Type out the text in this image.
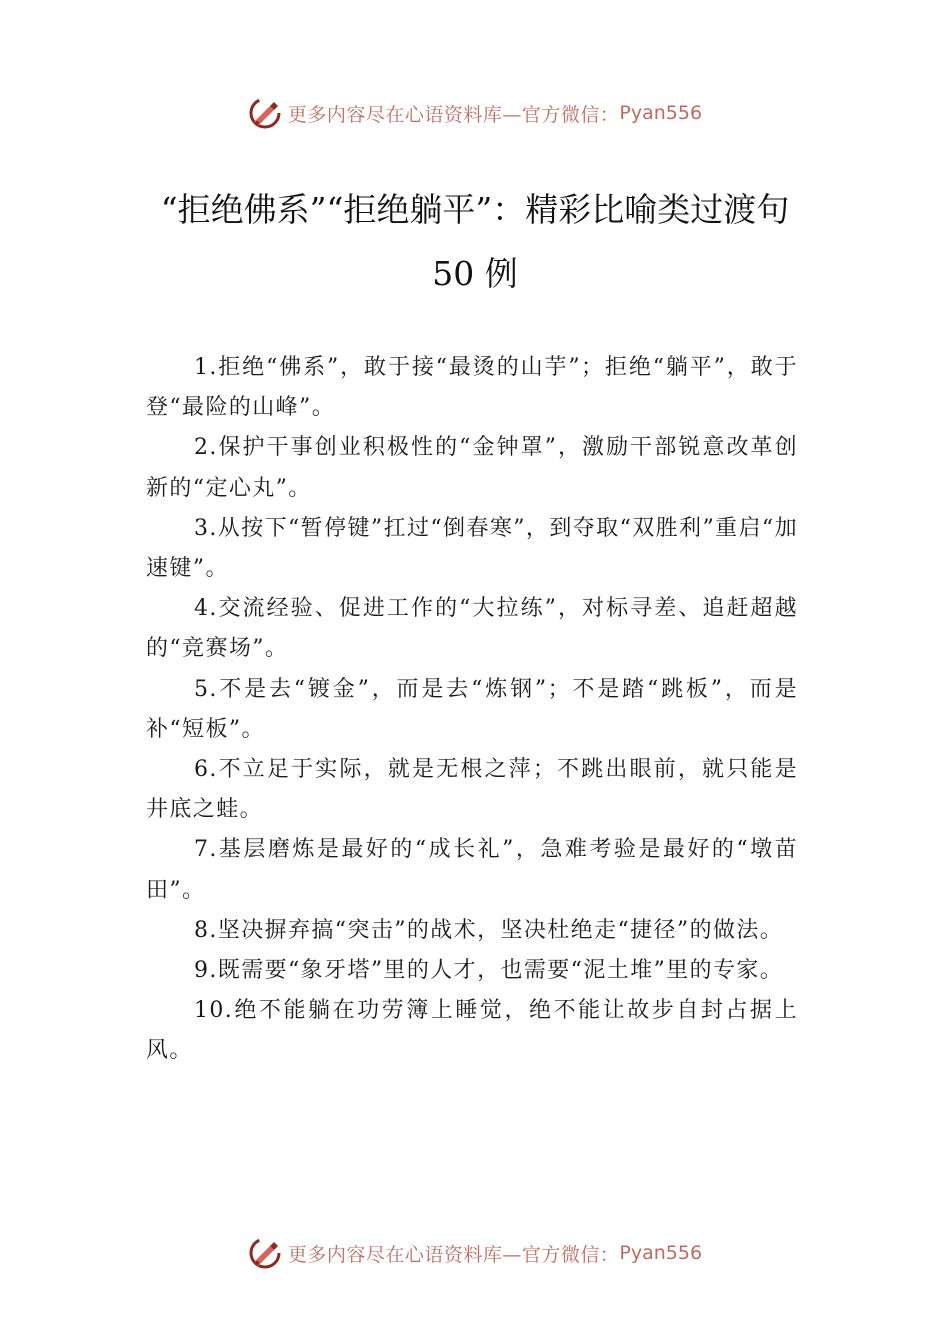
更多内容尽在心语资料库—官方微信： Pyan556
“拒绝佛系”“拒绝躺平”：精彩比喻类过渡句
50 例

1.拒绝“佛系”，敢于接“最烫的山芋”；拒绝“躺平”，敢于登“最险的山峰”。

2.保护干事创业积极性的“金钟罩”，激励干部锐意改革创新的“定心丸”。

3.从按下“暂停键”扛过“倒春寒”，到夺取“双胜利”重启“加速键”。

4.交流经验、促进工作的“大拉练”，对标寻差、追赶超越的“竞赛场”。

5.不是去“镀金”，而是去“炼钢”；不是踏“跳板”，而是补“短板”。

6.不立足于实际，就是无根之萍；不跳出眼前，就只能是井底之蛙。

7.基层磨炼是最好的“成长礼”，急难考验是最好的“墩苗田”。

8.坚决摒弃搞“突击”的战术，坚决杜绝走“捷径”的做法。

9.既需要“象牙塔”里的人才，也需要“泥土堆”里的专家。

10.绝不能躺在功劳簿上睡觉，绝不能让故步自封占据上风。

更多内容尽在心语资料库—官方微信： Pyan556
